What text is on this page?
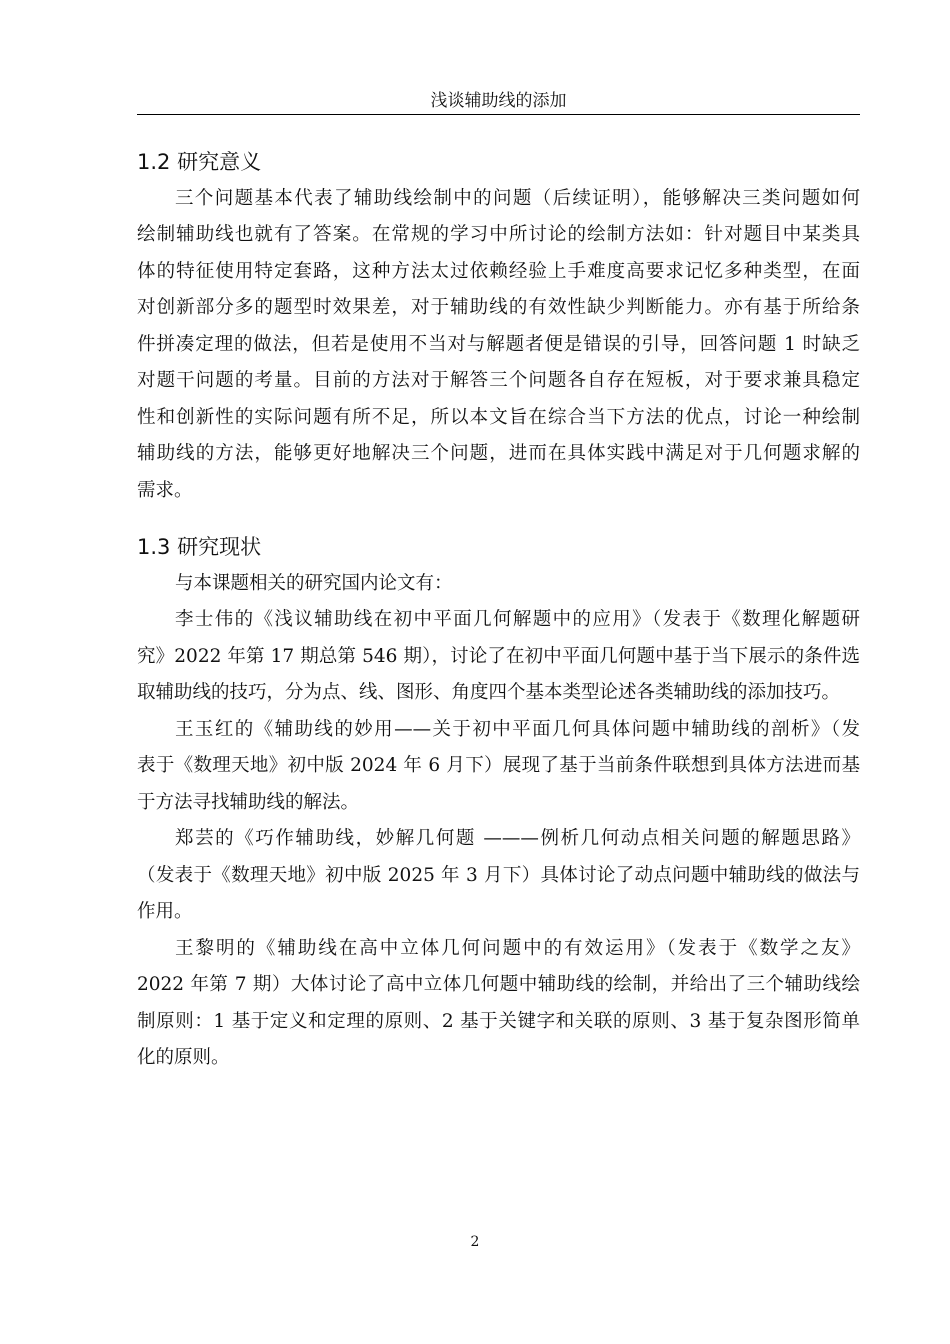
浅谈辅助线的添加
1.2 研究意义
三个问题基本代表了辅助线绘制中的问题（后续证明），能够解决三类问题如何
绘制辅助线也就有了答案。在常规的学习中所讨论的绘制方法如：针对题目中某类具
体的特征使用特定套路，这种方法太过依赖经验上手难度高要求记忆多种类型，在面
对创新部分多的题型时效果差，对于辅助线的有效性缺少判断能力。亦有基于所给条
件拼凑定理的做法，但若是使用不当对与解题者便是错误的引导，回答问题 1 时缺乏
对题干问题的考量。目前的方法对于解答三个问题各自存在短板，对于要求兼具稳定
性和创新性的实际问题有所不足，所以本文旨在综合当下方法的优点，讨论一种绘制
辅助线的方法，能够更好地解决三个问题，进而在具体实践中满足对于几何题求解的
需求。
1.3 研究现状
与本课题相关的研究国内论文有：
李士伟的《浅议辅助线在初中平面几何解题中的应用》（发表于《数理化解题研
究》2022 年第 17 期总第 546 期），讨论了在初中平面几何题中基于当下展示的条件选
取辅助线的技巧，分为点、线、图形、角度四个基本类型论述各类辅助线的添加技巧。
王玉红的《辅助线的妙用——关于初中平面几何具体问题中辅助线的剖析》（发
表于《数理天地》初中版 2024 年 6 月下）展现了基于当前条件联想到具体方法进而基
于方法寻找辅助线的解法。
郑芸的《巧作辅助线，妙解几何题 ———例析几何动点相关问题的解题思路》
（发表于《数理天地》初中版 2025 年 3 月下）具体讨论了动点问题中辅助线的做法与
作用。
王黎明的《辅助线在高中立体几何问题中的有效运用》（发表于《数学之友》
2022 年第 7 期）大体讨论了高中立体几何题中辅助线的绘制，并给出了三个辅助线绘
制原则：1 基于定义和定理的原则、2 基于关键字和关联的原则、3 基于复杂图形简单
化的原则。
2
